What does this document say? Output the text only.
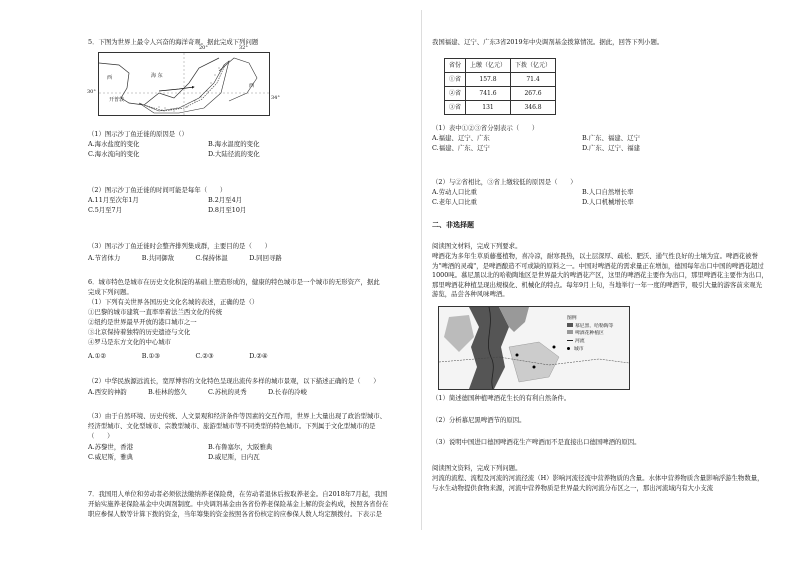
5．下图为世界上最令人兴奋的海洋奇观。据此完成下列问题

20°
30°
34°
32°
西
西
海 东
开普敦

（1）图示沙丁鱼迁徙的原因是（）

A.海水盐度的变化	B.海水温度的变化
C.海水流向的变化	D.大陆径流的变化

（2）图示沙丁鱼迁徙的时间可能是每年（　　）

A.11月至次年1月	B.2月至4月
C.5月至7月	D.8月至10月

（3）图示沙丁鱼迁徙时会整齐排列集成群，主要目的是（　　）

A.节省体力	B.共同御敌	C.保持体温	D.同回寻路

6．城市特色是城市在历史文化积淀的基础上塑造形成的，健康的特色城市是一个城市的无形资产，据此

完成下列问题。

（1）下列有关世界各国历史文化名城的表述，正确的是（）

①巴黎的城市建筑一直率率着法兰西文化的传统

②纽约是世界最早开放的港口城市之一

③北京保持着独特的历史遗迹与文化

④罗马是东方文化的中心城市

A.①②	B.①③	C.②③	D.②④

（2）中华民族源远流长，宽厚博容的文化特色呈现出流传多样的城市景观，以下描述正确的是（　　）

A.西安的神韵	B.桂林的悠久	C.苏杭的灵秀	D.长春的冷峻

（3）由于自然环境、历史传统、人文景观和经济条件等因素的交互作用，世界上大量出现了政治型城市、

经济型城市、文化型城市、宗教型城市、旅游型城市等不同类型的特色城市。下列属于文化型城市的是

（　　）

A.苏黎世，香港	B.布鲁塞尔，大阪雅典
C.威尼斯，雅典	D.威尼斯，日内瓦

7．我国用人单位和劳动者必须依法缴纳养老保险费，在劳动者退休后按取养老金。自2018年7月起，我国

开始实施养老保险基金中央调剂制度。中央调剂基金由各省份养老保险基金上解的资金构成，按照各省份在

职应参保人数等计算下拨的资金，当年筹集的资金按照各省份核定的应参保人数人均定额拨付。下表示是

我国福建、辽宁、广东3省2019年中央调剂基金拨算情况。据此，回答下列小题。

省份	上缴（亿元）	下拨（亿元）
①省	157.8	71.4
②省	741.6	267.6
③省	131	346.8

（1）表中①②③省分别表示（　　）

A.福建、辽宁、广东	B.广东、福建、辽宁
C.福建、广东、辽宁	D.广东、辽宁、福建

（2）与②省相比，③省上缴较低的原因是（　　）

A.劳动人口比重	B.人口自然增长率
C.老年人口比重	D.人口机械增长率

二、非选择题

阅读图文材料，完成下列要求。

啤酒花为多年生草质藤蔓植物，喜冷凉，耐寒畏热，以土层深厚、疏松、肥沃、通气性良好的土壤为宜。啤酒花被誉为"啤酒的灵魂"，是啤酒酿造不可或缺的原料之一。中国对啤酒花的需求量正在增加，德国每年出口中国的啤酒花超过1000吨。慕尼黑以北的哈勒陶地区是世界最大的啤酒花产区，这里的啤酒花主要作为出口，那里啤酒花主要作为出口，那里啤酒花种植呈现出规模化、机械化的特点。每年9月上旬，当地举行一年一度的啤酒节，吸引大量的游客前来观光游览，品尝各种风味啤酒。

图例
慕尼黑、哈勒陶等
啤酒花种植区
河流
城市

（1）简述德国种植啤酒花生长的有利自然条件。

（2）分析慕尼黑啤酒节的原因。

（3）说明中国进口德国啤酒花生产啤酒而不是直接出口德国啤酒的原因。

阅读图文资料，完成下列问题。

河流的流程、流程及河流的河流径流（H）影响河流径流中营养物质的含量。水体中营养物质含量影响浮游生物数量，与水生动物提供食物来源，河流中营养物质是世界最大的河流分布区之一，那出河流域内有大小支流
